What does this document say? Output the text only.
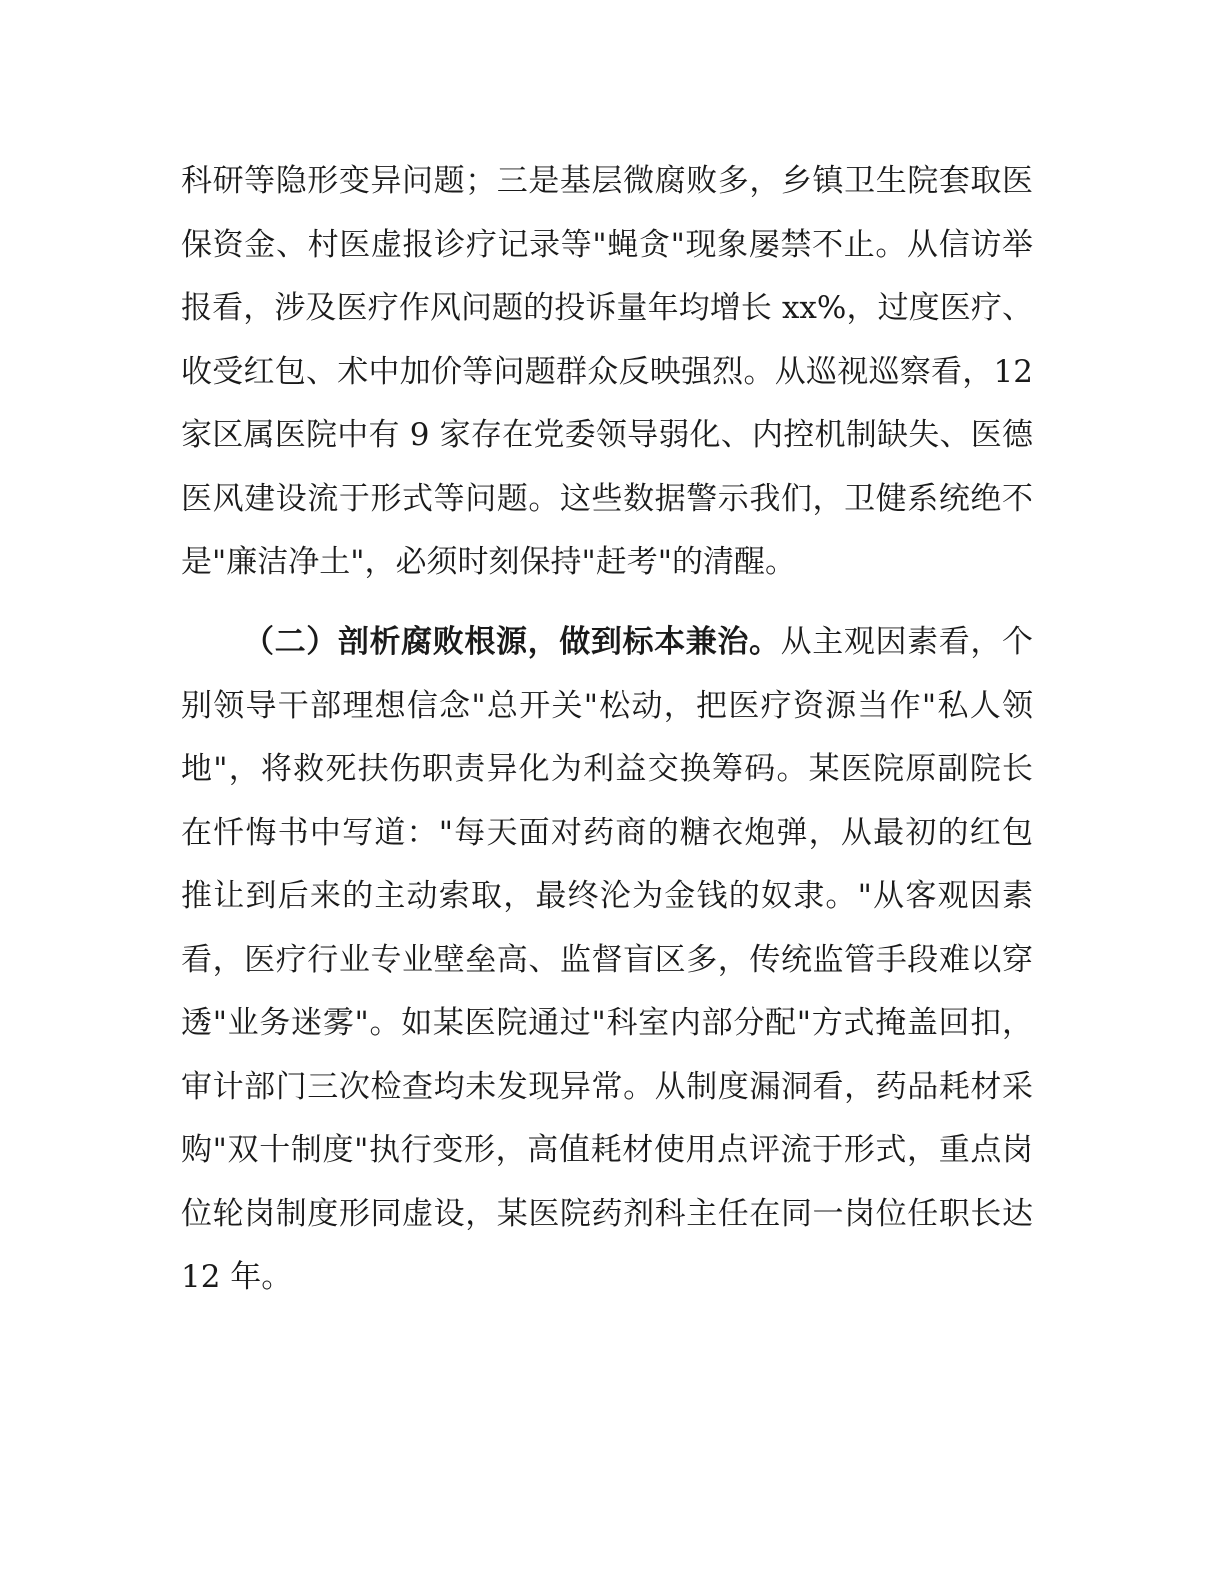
科研等隐形变异问题；三是基层微腐败多，乡镇卫生院套取医
保资金、村医虚报诊疗记录等"蝇贪"现象屡禁不止。从信访举
报看，涉及医疗作风问题的投诉量年均增长 xx%，过度医疗、
收受红包、术中加价等问题群众反映强烈。从巡视巡察看，12
家区属医院中有 9 家存在党委领导弱化、内控机制缺失、医德
医风建设流于形式等问题。这些数据警示我们，卫健系统绝不
是"廉洁净土"，必须时刻保持"赶考"的清醒。
（二）剖析腐败根源，做到标本兼治。从主观因素看，个
别领导干部理想信念"总开关"松动，把医疗资源当作"私人领
地"，将救死扶伤职责异化为利益交换筹码。某医院原副院长
在忏悔书中写道："每天面对药商的糖衣炮弹，从最初的红包
推让到后来的主动索取，最终沦为金钱的奴隶。"从客观因素
看，医疗行业专业壁垒高、监督盲区多，传统监管手段难以穿
透"业务迷雾"。如某医院通过"科室内部分配"方式掩盖回扣，
审计部门三次检查均未发现异常。从制度漏洞看，药品耗材采
购"双十制度"执行变形，高值耗材使用点评流于形式，重点岗
位轮岗制度形同虚设，某医院药剂科主任在同一岗位任职长达
12 年。
